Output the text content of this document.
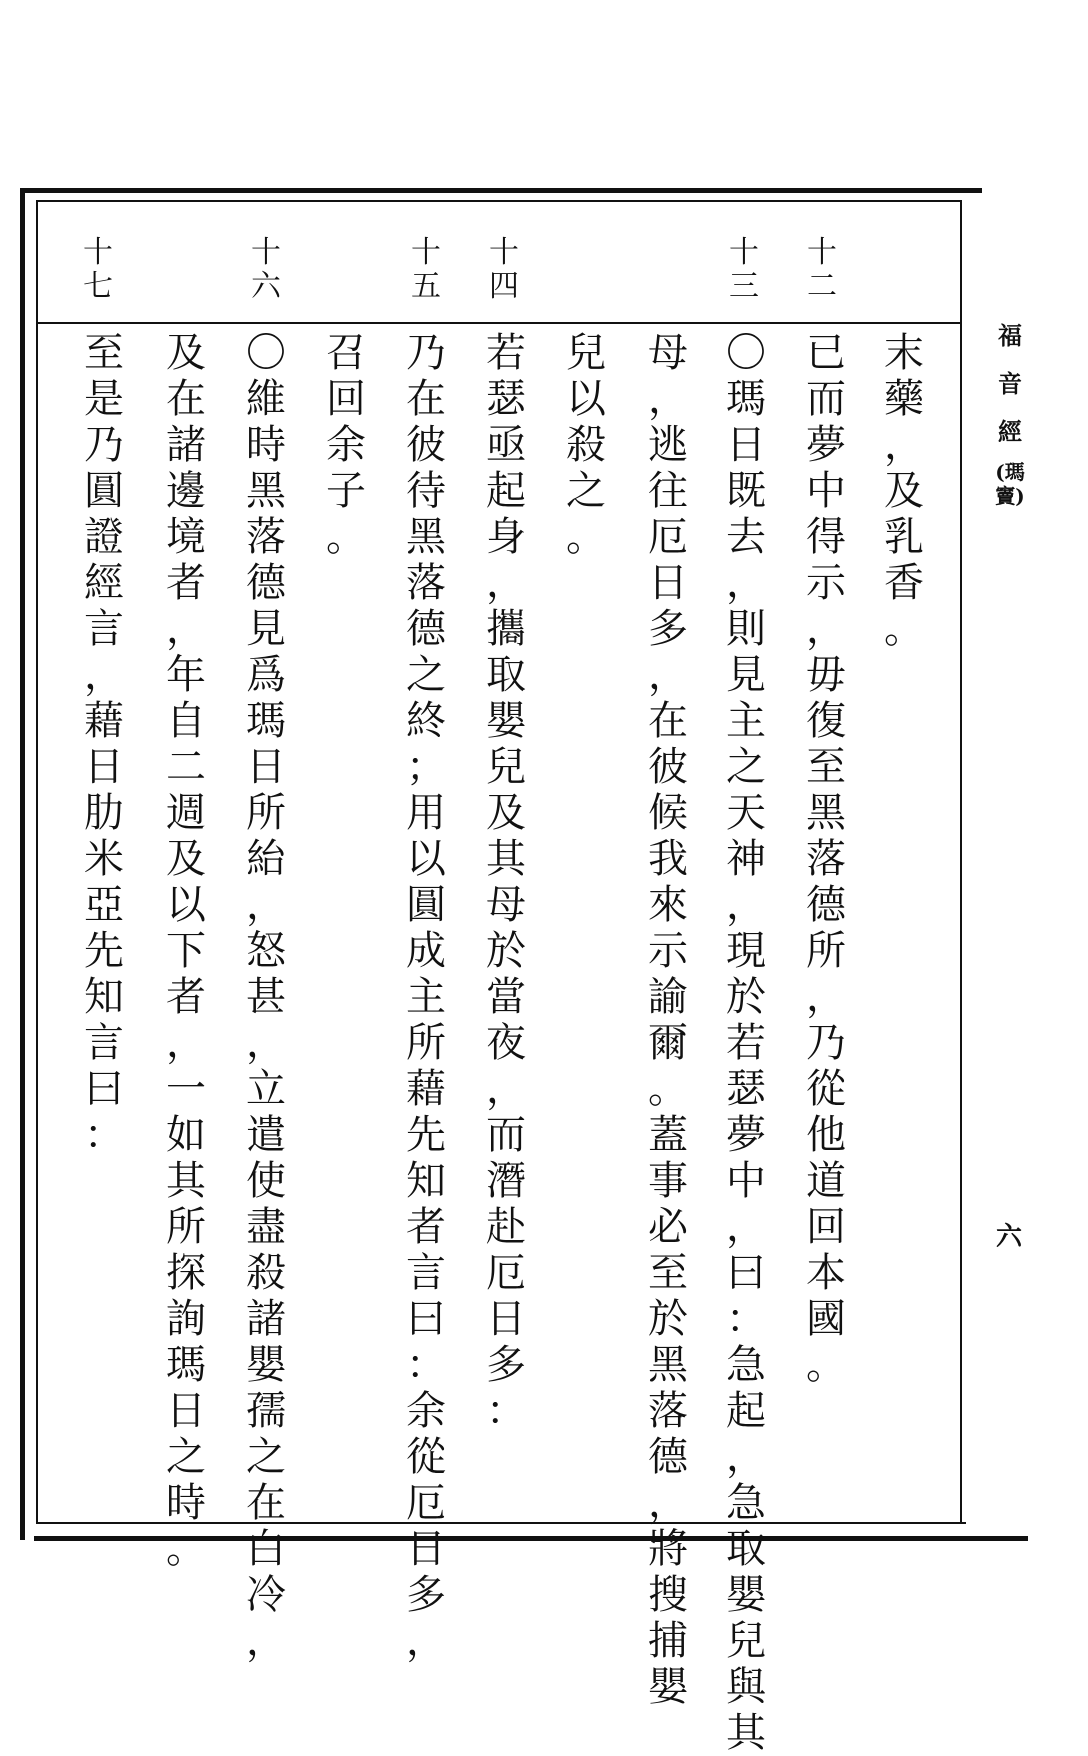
福
音
經
(瑪竇)
六
十
二
十
三
十
四
十
五
十
六
十
七
末
藥
，
及
乳
香
。
已
而
夢
中
得
示
，
毋
復
至
黑
落
德
所
，
乃
從
他
道
回
本
國
。
〇
瑪
日
既
去
，
則
見
主
之
天
神
，
現
於
若
瑟
夢
中
，
曰
：
急
起
，
急
取
嬰
兒
與
其
母
，
逃
往
厄
日
多
，
在
彼
候
我
來
示
諭
爾
。
蓋
事
必
至
於
黑
落
德
，
將
搜
捕
嬰
兒
以
殺
之
。
若
瑟
亟
起
身
，
攜
取
嬰
兒
及
其
母
於
當
夜
，
而
潛
赴
厄
日
多
：
乃
在
彼
待
黑
落
德
之
終
；
用
以
圓
成
主
所
藉
先
知
者
言
曰
：
余
從
厄
日
多
，
召
回
余
子
。
〇
維
時
黑
落
德
見
爲
瑪
日
所
紿
，
怒
甚
，
立
遣
使
盡
殺
諸
嬰
孺
之
在
白
冷
，
及
在
諸
邊
境
者
，
年
自
二
週
及
以
下
者
，
一
如
其
所
探
詢
瑪
日
之
時
。
至
是
乃
圓
證
經
言
，
藉
日
肋
米
亞
先
知
言
曰
：
